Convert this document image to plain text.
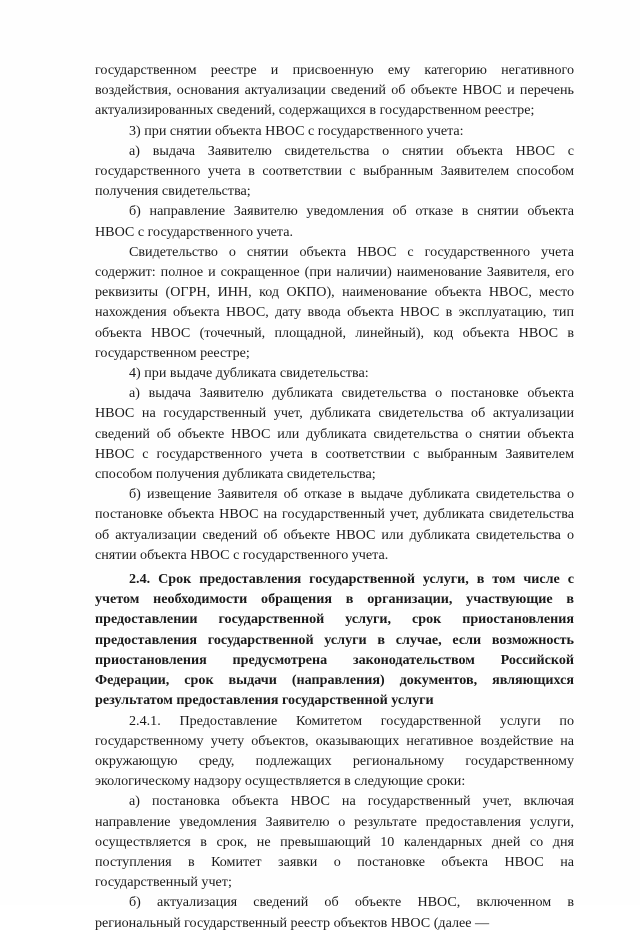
государственном реестре и присвоенную ему категорию негативного воздействия, основания актуализации сведений об объекте НВОС и перечень актуализированных сведений, содержащихся в государственном реестре;

3) при снятии объекта НВОС с государственного учета:

а) выдача Заявителю свидетельства о снятии объекта НВОС с государственного учета в соответствии с выбранным Заявителем способом получения свидетельства;

б) направление Заявителю уведомления об отказе в снятии объекта НВОС с государственного учета.

Свидетельство о снятии объекта НВОС с государственного учета содержит: полное и сокращенное (при наличии) наименование Заявителя, его реквизиты (ОГРН, ИНН, код ОКПО), наименование объекта НВОС, место нахождения объекта НВОС, дату ввода объекта НВОС в эксплуатацию, тип объекта НВОС (точечный, площадной, линейный), код объекта НВОС в государственном реестре;

4) при выдаче дубликата свидетельства:

а) выдача Заявителю дубликата свидетельства о постановке объекта НВОС на государственный учет, дубликата свидетельства об актуализации сведений об объекте НВОС или дубликата свидетельства о снятии объекта НВОС с государственного учета в соответствии с выбранным Заявителем способом получения дубликата свидетельства;

б) извещение Заявителя об отказе в выдаче дубликата свидетельства о постановке объекта НВОС на государственный учет, дубликата свидетельства об актуализации сведений об объекте НВОС или дубликата свидетельства о снятии объекта НВОС с государственного учета.

2.4. Срок предоставления государственной услуги, в том числе с учетом необходимости обращения в организации, участвующие в предоставлении государственной услуги, срок приостановления предоставления государственной услуги в случае, если возможность приостановления предусмотрена законодательством Российской Федерации, срок выдачи (направления) документов, являющихся результатом предоставления государственной услуги

2.4.1. Предоставление Комитетом государственной услуги по государственному учету объектов, оказывающих негативное воздействие на окружающую среду, подлежащих региональному государственному экологическому надзору осуществляется в следующие сроки:

а) постановка объекта НВОС на государственный учет, включая направление уведомления Заявителю о результате предоставления услуги, осуществляется в срок, не превышающий 10 календарных дней со дня поступления в Комитет заявки о постановке объекта НВОС на государственный учет;

б) актуализация сведений об объекте НВОС, включенном в региональный государственный реестр объектов НВОС (далее —
